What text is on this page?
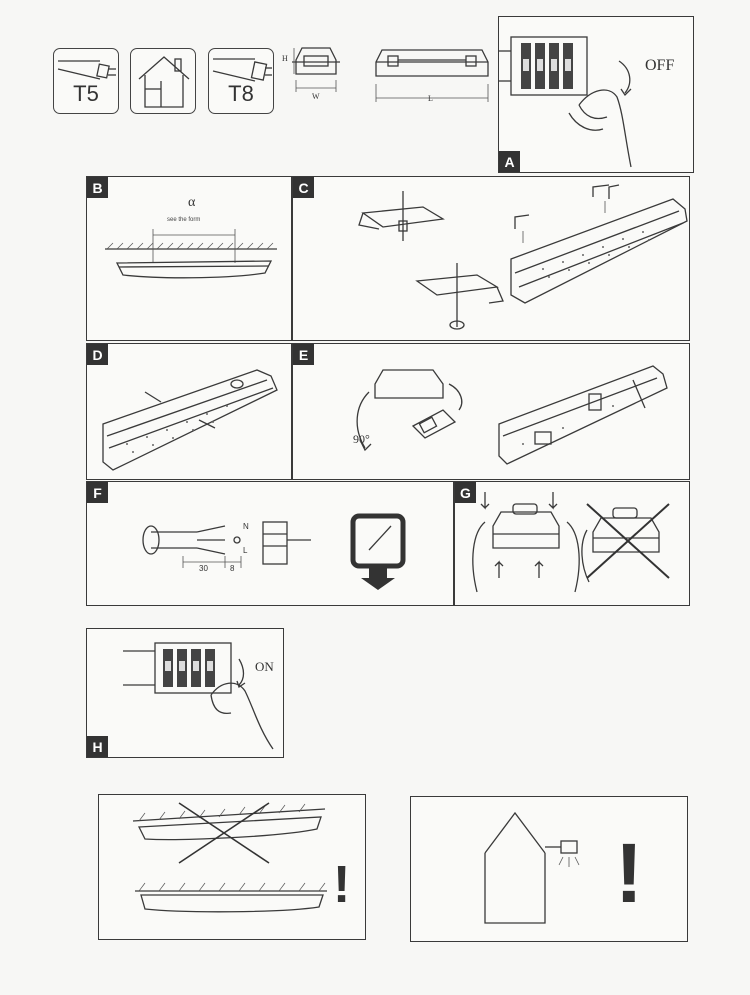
T5	T8
H
W	L
OFF
A
B
α
see the form
C
D	E
90°
F
N
L
30	8
G
ON
H
!	!
